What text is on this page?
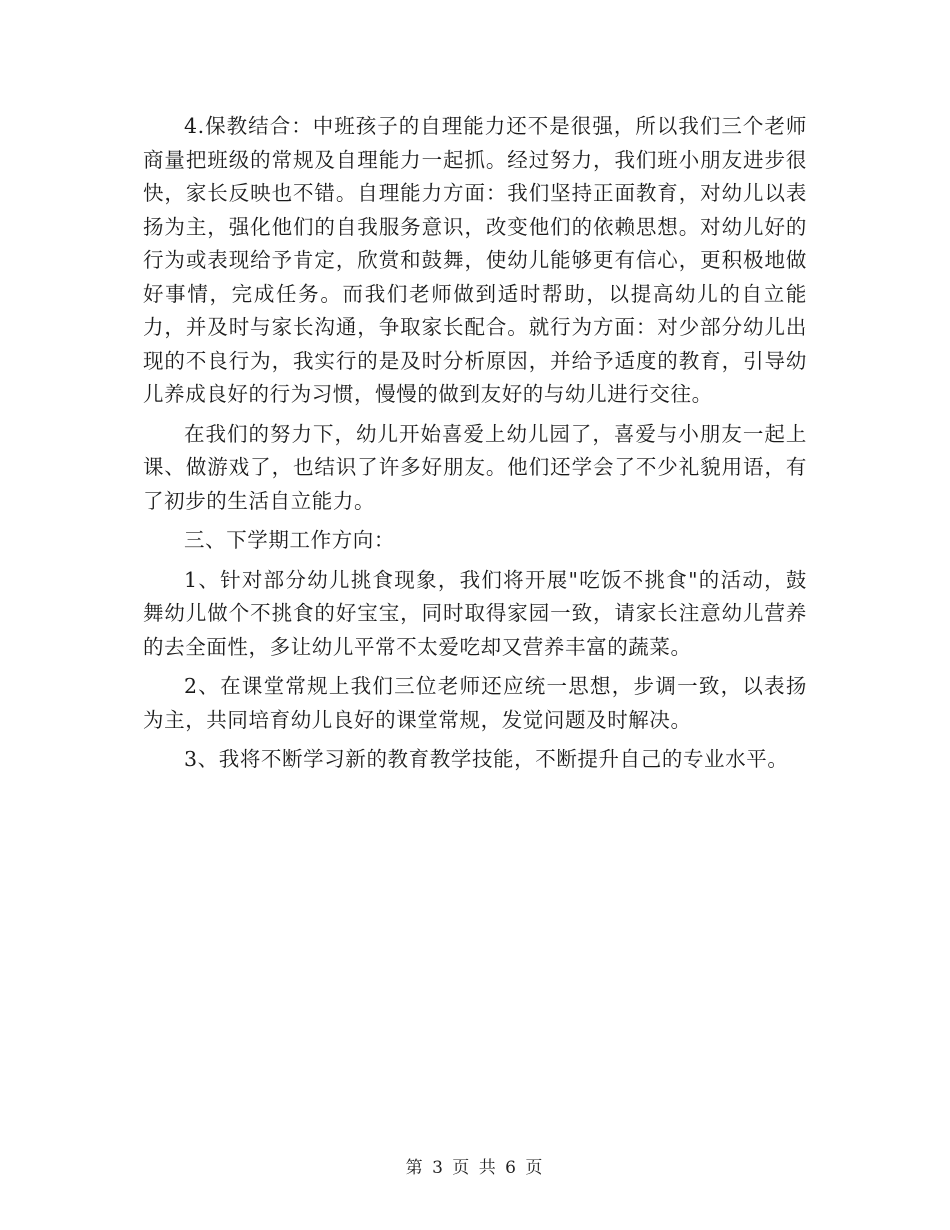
4.保教结合：中班孩子的自理能力还不是很强，所以我们三个老师商量把班级的常规及自理能力一起抓。经过努力，我们班小朋友进步很快，家长反映也不错。自理能力方面：我们坚持正面教育，对幼儿以表扬为主，强化他们的自我服务意识，改变他们的依赖思想。对幼儿好的行为或表现给予肯定，欣赏和鼓舞，使幼儿能够更有信心，更积极地做好事情，完成任务。而我们老师做到适时帮助，以提高幼儿的自立能力，并及时与家长沟通，争取家长配合。就行为方面：对少部分幼儿出现的不良行为，我实行的是及时分析原因，并给予适度的教育，引导幼儿养成良好的行为习惯，慢慢的做到友好的与幼儿进行交往。

在我们的努力下，幼儿开始喜爱上幼儿园了，喜爱与小朋友一起上课、做游戏了，也结识了许多好朋友。他们还学会了不少礼貌用语，有了初步的生活自立能力。

三、下学期工作方向：

1、针对部分幼儿挑食现象，我们将开展"吃饭不挑食"的活动，鼓舞幼儿做个不挑食的好宝宝，同时取得家园一致，请家长注意幼儿营养的去全面性，多让幼儿平常不太爱吃却又营养丰富的蔬菜。

2、在课堂常规上我们三位老师还应统一思想，步调一致，以表扬为主，共同培育幼儿良好的课堂常规，发觉问题及时解决。

3、我将不断学习新的教育教学技能，不断提升自己的专业水平。

第 3 页 共 6 页
